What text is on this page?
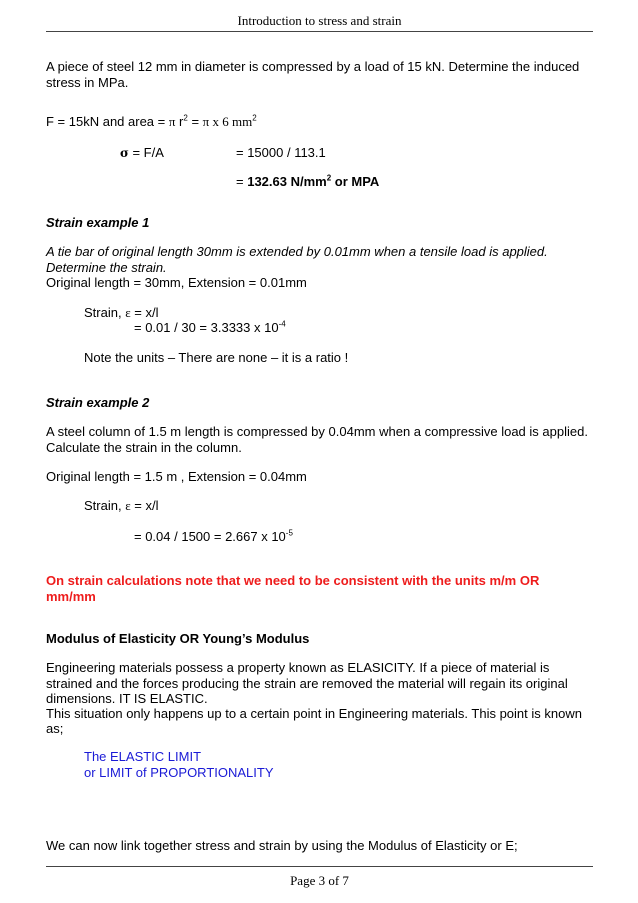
Introduction to stress and strain
A piece of steel 12 mm in diameter is compressed by a load of 15 kN. Determine the induced
stress in MPa.
F = 15kN and area = π $r^2 = \pi$ x 6 $mm^2$
σ = F/A	= 15000 / 113.1
= 132.63 $N/mm^2$ or MPA
Strain example 1
A tie bar of original length 30mm is extended by 0.01mm when a tensile load is applied.
Determine the strain.
Original length = 30mm, Extension = 0.01mm
Strain, ε = x/l
= 0.01 / 30 = 3.3333 x $10^{-4}$
Note the units – There are none – it is a ratio !
Strain example 2
A steel column of 1.5 m length is compressed by 0.04mm when a compressive load is applied.
Calculate the strain in the column.
Original length = 1.5 m , Extension = 0.04mm
Strain, ε = x/l
= 0.04 / 1500 = 2.667 x $10^{-5}$
On strain calculations note that we need to be consistent with the units m/m OR
mm/mm
Modulus of Elasticity OR Young’s Modulus
Engineering materials possess a property known as ELASICITY. If a piece of material is
strained and the forces producing the strain are removed the material will regain its original
dimensions. IT IS ELASTIC.
This situation only happens up to a certain point in Engineering materials. This point is known
as;
The ELASTIC LIMIT
or LIMIT of PROPORTIONALITY
We can now link together stress and strain by using the Modulus of Elasticity or E;
Page 3 of 7
